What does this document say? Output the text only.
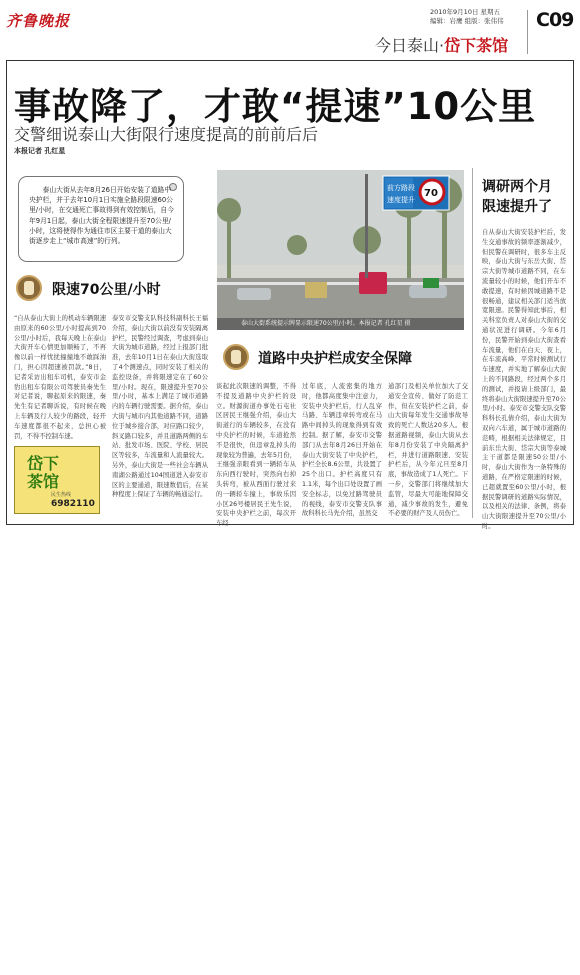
齐鲁晚报	2010年9月10日 星期五
编辑：岩鹰 组版：张伟伟 C09
今日泰山·岱下茶馆
事故降了，才敢“提速”10公里
交警细说泰山大街限行速度提高的前前后后
本报记者 孔红星
泰山大街从去年8月26日开始安装了道路中央护栏，并于去年10月1日实施全路段限速60公里/小时，在交通死亡事故得到有效控制后，自今年9月1日起，泰山大街全程限速提升至70公里/小时，这将使得作为通往市区主要干道的泰山大街逐步走上“城市高速”的行列。
限速70公里/小时
“自从泰山大街上的机动车辆限速由原来的60公里/小时提高到70公里/小时后，我每天晚上在泰山大街开车心情更加顺畅了，不再像以前一样忧扰撞撞地不敢踩油门，担心因超速被罚款。”8日，记者采访出租车司机，泰安市金豹出租车有限公司驾驶员秦先生对记者说，聊起原来的限速，秦先生有记者聊诉说，有时候在晚上车辆及行人较少的路段，轻开车速度都很不起来，总担心被罚，不得不控制车速。
泰安市交警支队科技科副科长王福介绍，泰山大街以前没有安装隔离护栏，民警经过调查，考虑到泰山大街为城市道路，经过上报部门批准，去年10月1日在泰山大街选取了4个测速点，同时安装了相关的监控设备，并将限速定在了60公里/小时。现在，限速提升至70公里/小时，基本上满足了城市道路内的车辆行驶需要。据介绍，泰山大街与城市内其他道路不同，道路位于城乡接合部，对应路口较少，斜叉路口较多，并且道路两侧的车站、批发市场、医院、学校、居民区等较多，车流量和人流量较大。另外，泰山大街是一些社会车辆从南湖公路通过104国道进入泰安市区的主要通道，限速数值后，在某种程度上保证了车辆的畅通运行。
前方路段
速度提升
70
泰山大街系统提示牌显示限速70公里/小时。本报记者 孔红星 摄
道路中央护栏成安全保障
谈起此次限速的调整，不得不提及道路中央护栏的设立。财源街道办事处石屯社区居民王继强介绍，泰山大街道行的车辆较多，在没有中央护栏的时候，车道抢然不是很快，但违章乱掉头的现象较为普遍，去年5月份，王继强亲眼看到一辆轿车从东向西行驶时，突然向右掉头转弯，被从西面行驶过来的一辆轿车撞上，事故乐因小区26号楼居民王先生说，安装中央护栏之前，每次开车经
过年底，人流密集的地方时，他都高度集中注意力，安装中央护栏后，行人乱穿马路、车辆违章转弯或在马路中间掉头的现象得到有效控制。据了解，泰安市交警部门从去年8月26日开始在泰山大街安装了中央护栏，护栏全长8.6公里，共设置了25个出口。护栏高度只有1.1米，每个出口处设置了画安全标志，以免过路驾驶员的视线，泰安市交警支队事故科科长马先介绍，虽然交
通部门及相关单位加大了交通安全宣传、做好了防范工作，但在安装护栏之前，泰山大街每年发生交通事故导致的死亡人数达20多人。根据道路视频，泰山大街从去年8月份安装了中央隔离护栏，并进行道路限速、安装护栏后，从今年元旦至8月底，事故造成了1人死亡。下一步，交警部门将继续加大监管，尽最大可能地保障交通，减少事故的发生，避免不必要的财产及人员伤亡。
调研两个月
限速提升了
自从泰山大街安装护栏后，发生交通事故的频率逐渐减少，但民警在调研时，很多车主反映，泰山大街与东岳大街、岱宗大街等城市道路不同，在车流量较小的时候，他们开车不敢提速，有时候因城道路不是很畅通，建议相关部门适当放宽限速。民警得知此事后，相关科室负责人对泰山大街的交通状况进行调研。今年6月份，民警开始到泰山大街查看车流量，他们在白天、夜上，在车流高峰、平常时候测试行车速度，并实地了解泰山大街上的不同路段，经过两个多月的测试，并报请上级部门，最终将泰山大街限速提升至70公里/小时。泰安市交警支队交警科科长孔倩介绍，泰山大街为双向六车道，属于城市道路的范畴，根据相关法律规定，目前东岳大街、岱宗大街等泰城主干道都是限速50公里/小时，泰山大街作为一条特殊的道路，在严格定限速的时候，已超就置至60公里/小时，根据民警调研的道路实际情况，以及相关的法律、条例，将泰山大街限速提升至70公里/小时。
岱下茶馆
民生热线
6982110
